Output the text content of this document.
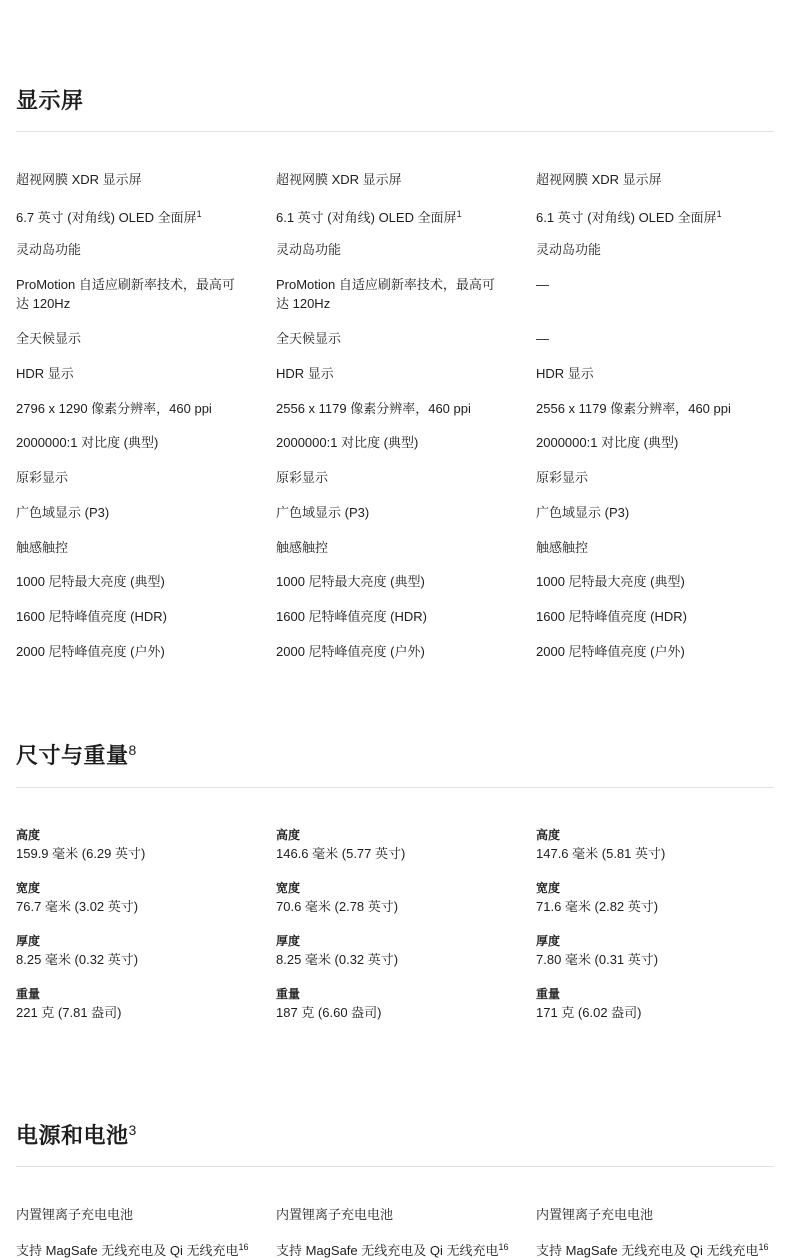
显示屏
超视网膜 XDR 显示屏
6.7 英寸 (对角线) OLED 全面屏$^1$
灵动岛功能
ProMotion 自适应刷新率技术，最高可达 120Hz
全天候显示
HDR 显示
2796 x 1290 像素分辨率，460 ppi
2000000:1 对比度 (典型)
原彩显示
广色域显示 (P3)
触感触控
1000 尼特最大亮度 (典型)
1600 尼特峰值亮度 (HDR)
2000 尼特峰值亮度 (户外)
超视网膜 XDR 显示屏
6.1 英寸 (对角线) OLED 全面屏$^1$
灵动岛功能
ProMotion 自适应刷新率技术，最高可达 120Hz
全天候显示
HDR 显示
2556 x 1179 像素分辨率，460 ppi
2000000:1 对比度 (典型)
原彩显示
广色域显示 (P3)
触感触控
1000 尼特最大亮度 (典型)
1600 尼特峰值亮度 (HDR)
2000 尼特峰值亮度 (户外)
超视网膜 XDR 显示屏
6.1 英寸 (对角线) OLED 全面屏$^1$
灵动岛功能
—
—
HDR 显示
2556 x 1179 像素分辨率，460 ppi
2000000:1 对比度 (典型)
原彩显示
广色域显示 (P3)
触感触控
1000 尼特最大亮度 (典型)
1600 尼特峰值亮度 (HDR)
2000 尼特峰值亮度 (户外)
尺寸与重量$^8$
高度
159.9 毫米 (6.29 英寸)
宽度
76.7 毫米 (3.02 英寸)
厚度
8.25 毫米 (0.32 英寸)
重量
221 克 (7.81 盎司)
高度
146.6 毫米 (5.77 英寸)
宽度
70.6 毫米 (2.78 英寸)
厚度
8.25 毫米 (0.32 英寸)
重量
187 克 (6.60 盎司)
高度
147.6 毫米 (5.81 英寸)
宽度
71.6 毫米 (2.82 英寸)
厚度
7.80 毫米 (0.31 英寸)
重量
171 克 (6.02 盎司)
电源和电池$^3$
内置锂离子充电电池	内置锂离子充电电池	内置锂离子充电电池
支持 MagSafe 无线充电及 Qi 无线充电$^{16}$ 支持 MagSafe 无线充电及 Qi 无线充电$^{16}$ 支持 MagSafe 无线充电及 Qi 无线充电$^{16}$
